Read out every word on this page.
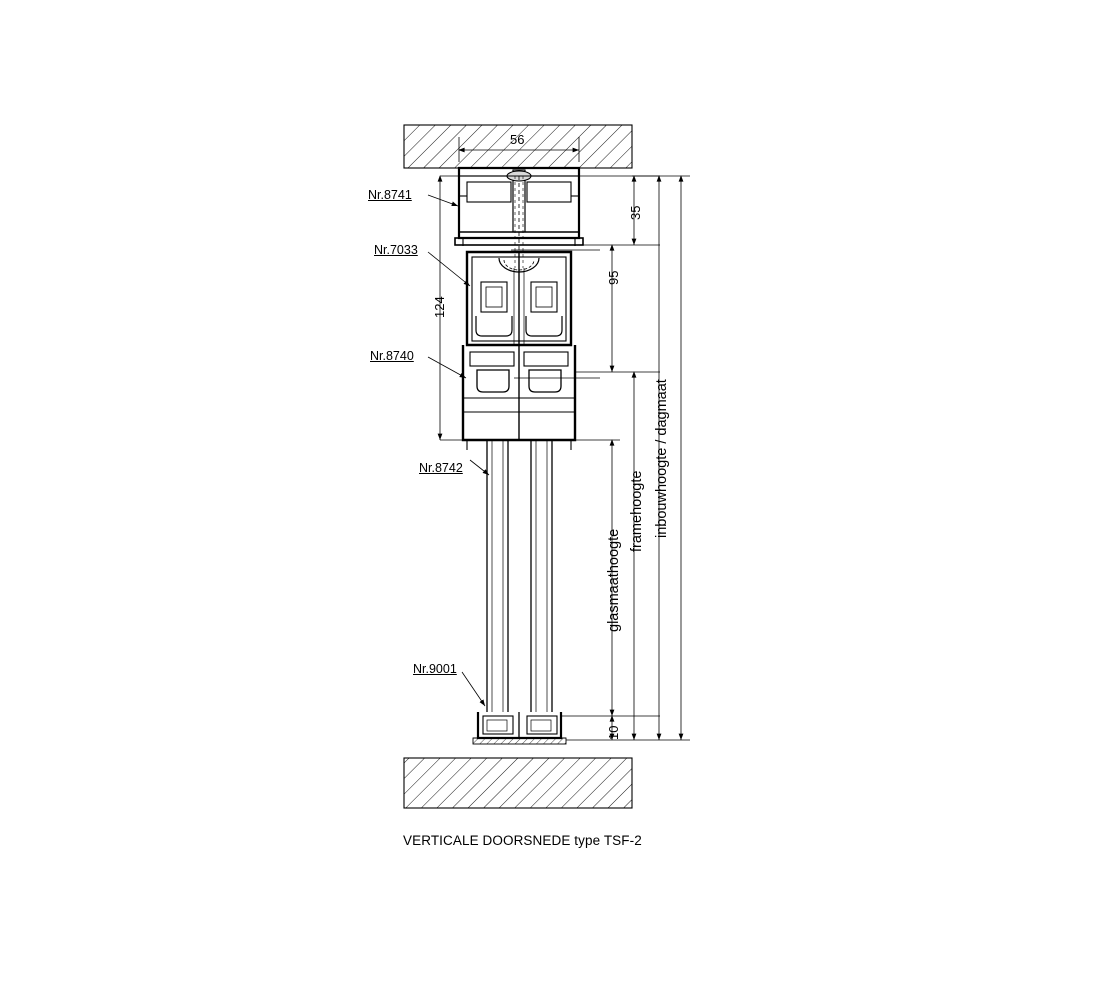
Nr.8741
Nr.7033
Nr.8740
Nr.8742
Nr.9001
56
124
35
95
10
glasmaathoogte
framehoogte inbouwhoogte / dagmaat
VERTICALE DOORSNEDE type TSF-2
